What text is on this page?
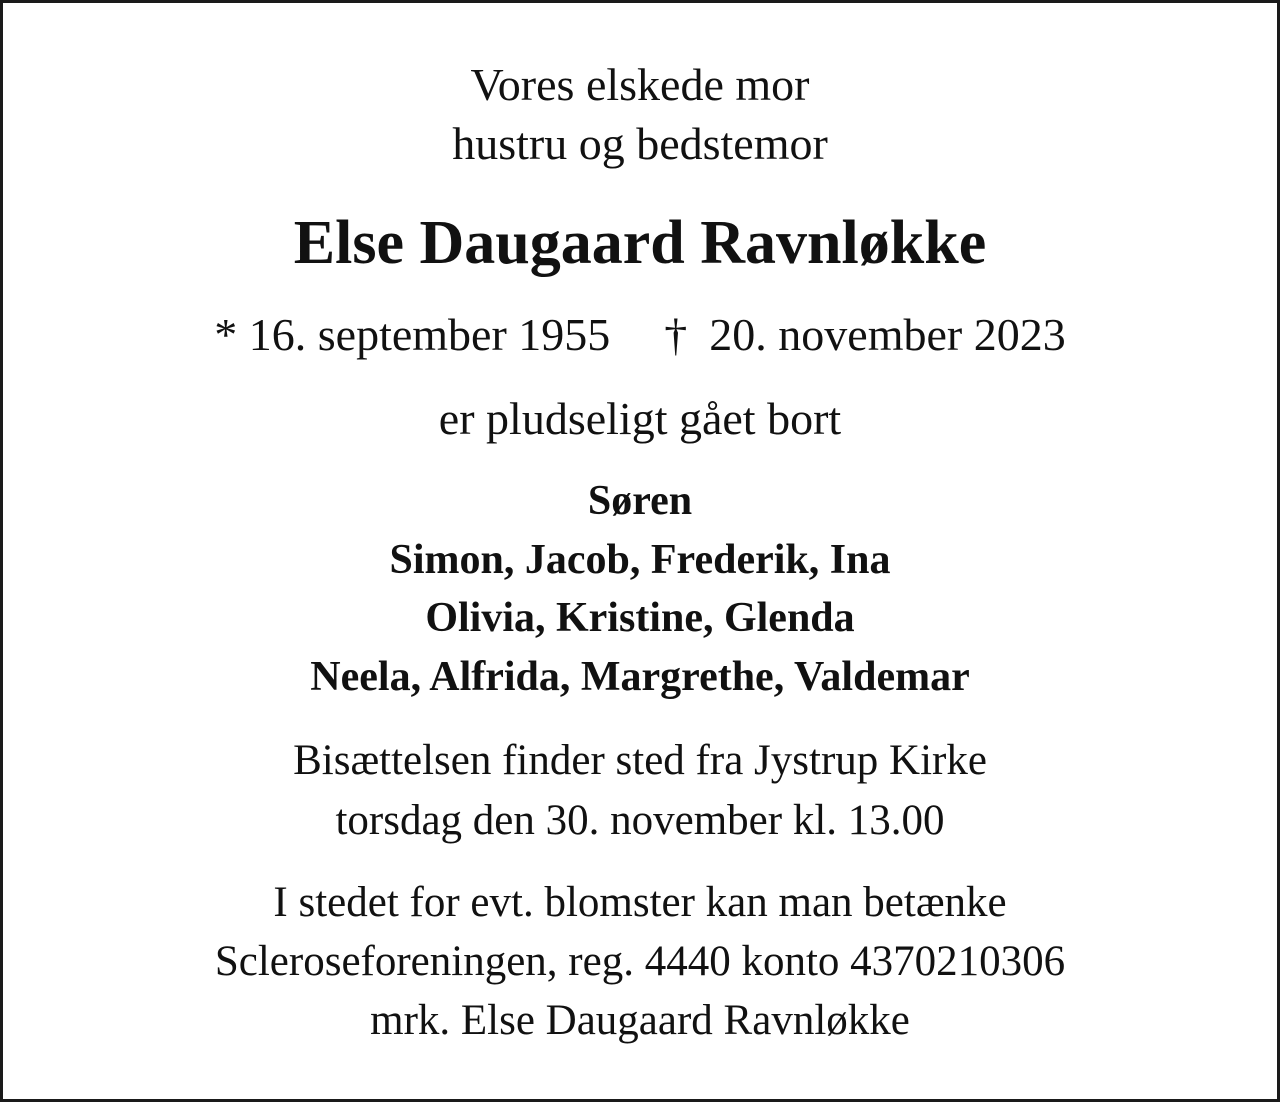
Vores elskede mor
hustru og bedstemor
Else Daugaard Ravnløkke
* 16. september 1955 † 20. november 2023
er pludseligt gået bort
Søren
Simon, Jacob, Frederik, Ina
Olivia, Kristine, Glenda
Neela, Alfrida, Margrethe, Valdemar
Bisættelsen finder sted fra Jystrup Kirke
torsdag den 30. november kl. 13.00
I stedet for evt. blomster kan man betænke
Scleroseforeningen, reg. 4440 konto 4370210306
mrk. Else Daugaard Ravnløkke
